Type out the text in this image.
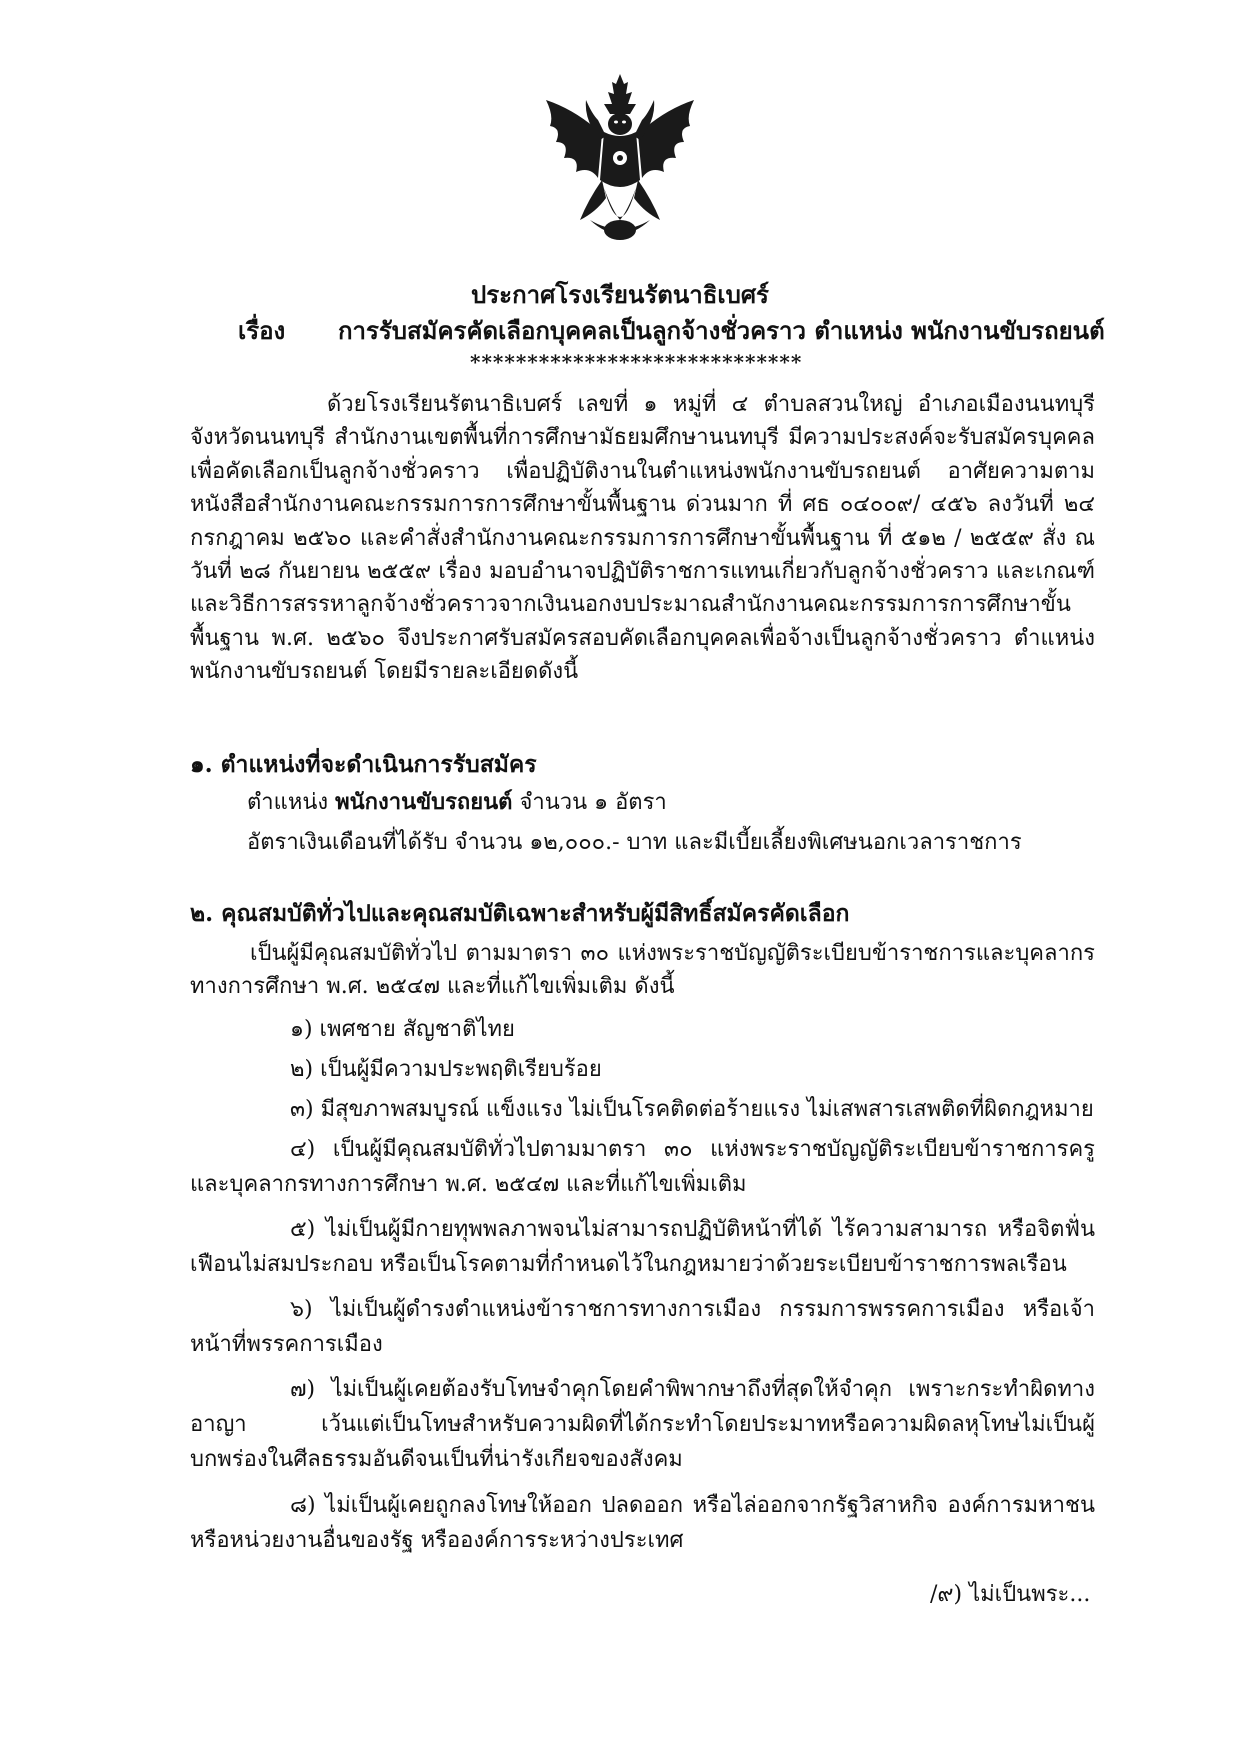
ประกาศโรงเรียนรัตนาธิเบศร์
เรื่อง การรับสมัครคัดเลือกบุคคลเป็นลูกจ้างชั่วคราว ตำแหน่ง พนักงานขับรถยนต์
*****************************
ด้วยโรงเรียนรัตนาธิเบศร์ เลขที่ ๑ หมู่ที่ ๔ ตำบลสวนใหญ่ อำเภอเมืองนนทบุรี จังหวัดนนทบุรี สำนักงานเขตพื้นที่การศึกษามัธยมศึกษานนทบุรี มีความประสงค์จะรับสมัครบุคคลเพื่อคัดเลือกเป็นลูกจ้างชั่วคราว เพื่อปฏิบัติงานในตำแหน่งพนักงานขับรถยนต์ อาศัยความตามหนังสือสำนักงานคณะกรรมการการศึกษาขั้นพื้นฐาน ด่วนมาก ที่ ศธ ๐๔๐๐๙/ ๔๕๖ ลงวันที่ ๒๔ กรกฎาคม ๒๕๖๐ และคำสั่งสำนักงานคณะกรรมการการศึกษาขั้นพื้นฐาน ที่ ๕๑๒ / ๒๕๕๙ สั่ง ณ วันที่ ๒๘ กันยายน ๒๕๕๙ เรื่อง มอบอำนาจปฏิบัติราชการแทนเกี่ยวกับลูกจ้างชั่วคราว และเกณฑ์และวิธีการสรรหาลูกจ้างชั่วคราวจากเงินนอกงบประมาณสำนักงานคณะกรรมการการศึกษาขั้นพื้นฐาน พ.ศ. ๒๕๖๐ จึงประกาศรับสมัครสอบคัดเลือกบุคคลเพื่อจ้างเป็นลูกจ้างชั่วคราว ตำแหน่งพนักงานขับรถยนต์ โดยมีรายละเอียดดังนี้
๑. ตำแหน่งที่จะดำเนินการรับสมัคร
ตำแหน่ง พนักงานขับรถยนต์ จำนวน ๑ อัตรา
อัตราเงินเดือนที่ได้รับ จำนวน ๑๒,๐๐๐.- บาท และมีเบี้ยเลี้ยงพิเศษนอกเวลาราชการ
๒. คุณสมบัติทั่วไปและคุณสมบัติเฉพาะสำหรับผู้มีสิทธิ์สมัครคัดเลือก
เป็นผู้มีคุณสมบัติทั่วไป ตามมาตรา ๓๐ แห่งพระราชบัญญัติระเบียบข้าราชการและบุคลากรทางการศึกษา พ.ศ. ๒๕๔๗ และที่แก้ไขเพิ่มเติม ดังนี้
๑) เพศชาย สัญชาติไทย
๒) เป็นผู้มีความประพฤติเรียบร้อย
๓) มีสุขภาพสมบูรณ์ แข็งแรง ไม่เป็นโรคติดต่อร้ายแรง ไม่เสพสารเสพติดที่ผิดกฎหมาย
๔) เป็นผู้มีคุณสมบัติทั่วไปตามมาตรา ๓๐ แห่งพระราชบัญญัติระเบียบข้าราชการครูและบุคลากรทางการศึกษา พ.ศ. ๒๕๔๗ และที่แก้ไขเพิ่มเติม
๕) ไม่เป็นผู้มีกายทุพพลภาพจนไม่สามารถปฏิบัติหน้าที่ได้ ไร้ความสามารถ หรือจิตฟั่นเฟือนไม่สมประกอบ หรือเป็นโรคตามที่กำหนดไว้ในกฎหมายว่าด้วยระเบียบข้าราชการพลเรือน
๖) ไม่เป็นผู้ดำรงตำแหน่งข้าราชการทางการเมือง กรรมการพรรคการเมือง หรือเจ้าหน้าที่พรรคการเมือง
๗) ไม่เป็นผู้เคยต้องรับโทษจำคุกโดยคำพิพากษาถึงที่สุดให้จำคุก เพราะกระทำผิดทางอาญา เว้นแต่เป็นโทษสำหรับความผิดที่ได้กระทำโดยประมาทหรือความผิดลหุโทษไม่เป็นผู้บกพร่องในศีลธรรมอันดีจนเป็นที่น่ารังเกียจของสังคม
๘) ไม่เป็นผู้เคยถูกลงโทษให้ออก ปลดออก หรือไล่ออกจากรัฐวิสาหกิจ องค์การมหาชน หรือหน่วยงานอื่นของรัฐ หรือองค์การระหว่างประเทศ
/๙) ไม่เป็นพระ...
